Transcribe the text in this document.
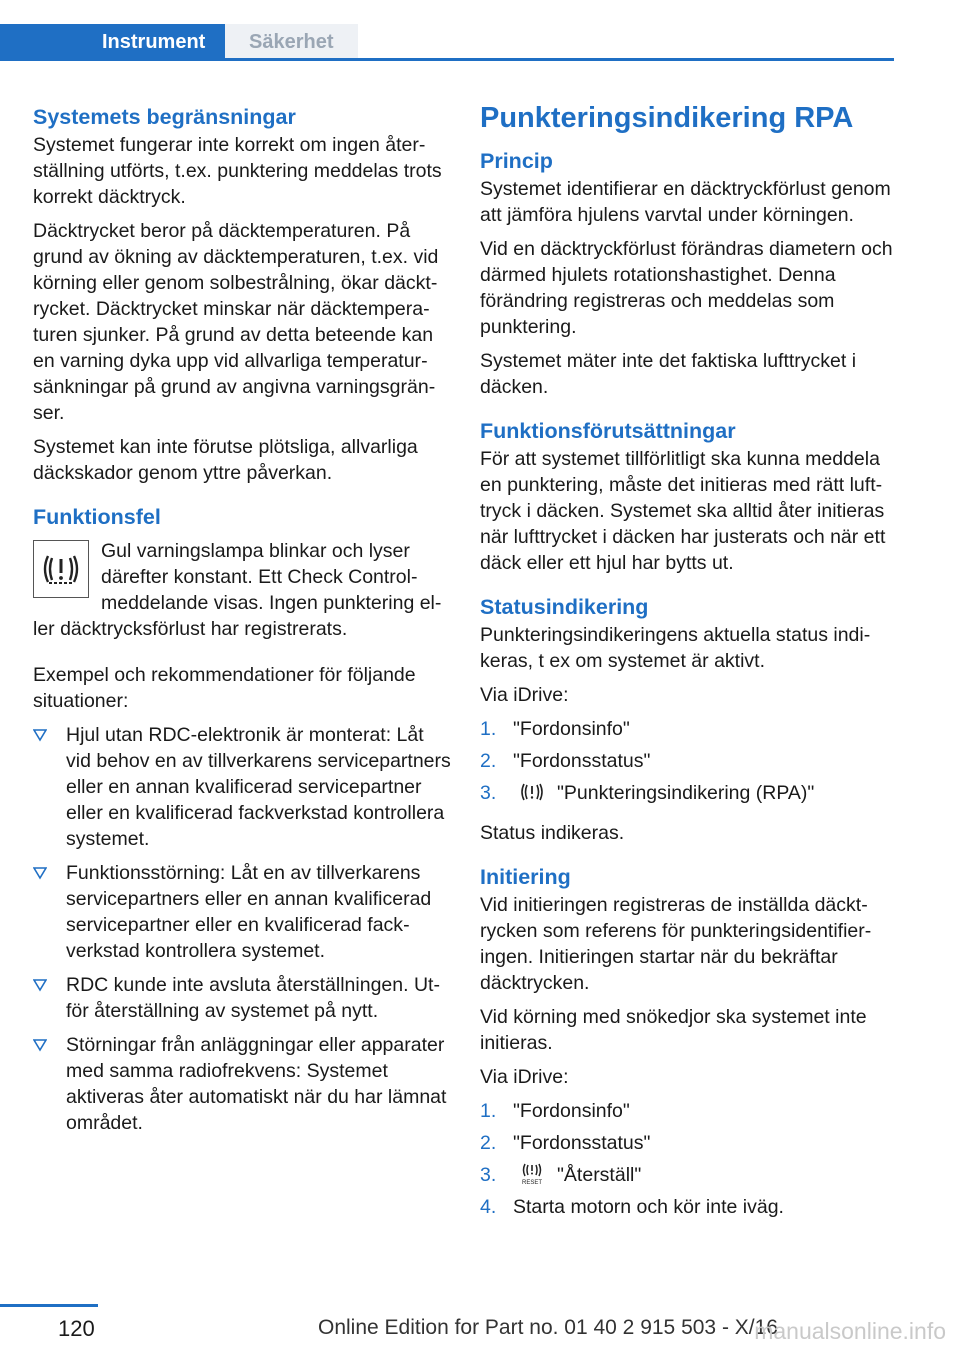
Instrument	Säkerhet
Systemets begränsningar

Systemet fungerar inte korrekt om ingen återställning utförts, t.ex. punktering meddelas trots korrekt däcktryck.

Däcktrycket beror på däcktemperaturen. På grund av ökning av däcktemperaturen, t.ex. vid körning eller genom solbestrålning, ökar däcktrycket. Däcktrycket minskar när däcktemperaturen sjunker. På grund av detta beteende kan en varning dyka upp vid allvarliga temperatursänkningar på grund av angivna varningsgränser.

Systemet kan inte förutse plötsliga, allvarliga däckskador genom yttre påverkan.

Funktionsfel

Gul varningslampa blinkar och lyser därefter konstant. Ett Check Control-meddelande visas. Ingen punktering eller däcktrycksförlust har registrerats.

Exempel och rekommendationer för följande situationer:

Hjul utan RDC-elektronik är monterat: Låt vid behov en av tillverkarens servicepartners eller en annan kvalificerad servicepartner eller en kvalificerad fackverkstad kontrollera systemet.
Funktionsstörning: Låt en av tillverkarens servicepartners eller en annan kvalificerad servicepartner eller en kvalificerad fackverkstad kontrollera systemet.
RDC kunde inte avsluta återställningen. Utför återställning av systemet på nytt.
Störningar från anläggningar eller apparater med samma radiofrekvens: Systemet aktiveras åter automatiskt när du har lämnat området.
Punkteringsindikering RPA
Princip

Systemet identifierar en däcktryckförlust genom att jämföra hjulens varvtal under körningen.

Vid en däcktryckförlust förändras diametern och därmed hjulets rotationshastighet. Denna förändring registreras och meddelas som punktering.

Systemet mäter inte det faktiska lufttrycket i däcken.

Funktionsförutsättningar

För att systemet tillförlitligt ska kunna meddela en punktering, måste det initieras med rätt lufttryck i däcken. Systemet ska alltid åter initieras när lufttrycket i däcken har justerats och när ett däck eller ett hjul har bytts ut.

Statusindikering

Punkteringsindikeringens aktuella status indikeras, t ex om systemet är aktivt.

Via iDrive:

1. "Fordonsinfo"
2. "Fordonsstatus"
3.	"Punkteringsindikering (RPA)"

Status indikeras.

Initiering

Vid initieringen registreras de inställda däcktrycken som referens för punkteringsidentifieringen. Initieringen startar när du bekräftar däcktrycken.

Vid körning med snökedjor ska systemet inte initieras.

Via iDrive:

1. "Fordonsinfo"
2. "Fordonsstatus"
3.	RESET "Återställ"
4. Starta motorn och kör inte iväg.
120	Online Edition for Part no. 01 40 2 915 503 - X/16
manualsonline.info
